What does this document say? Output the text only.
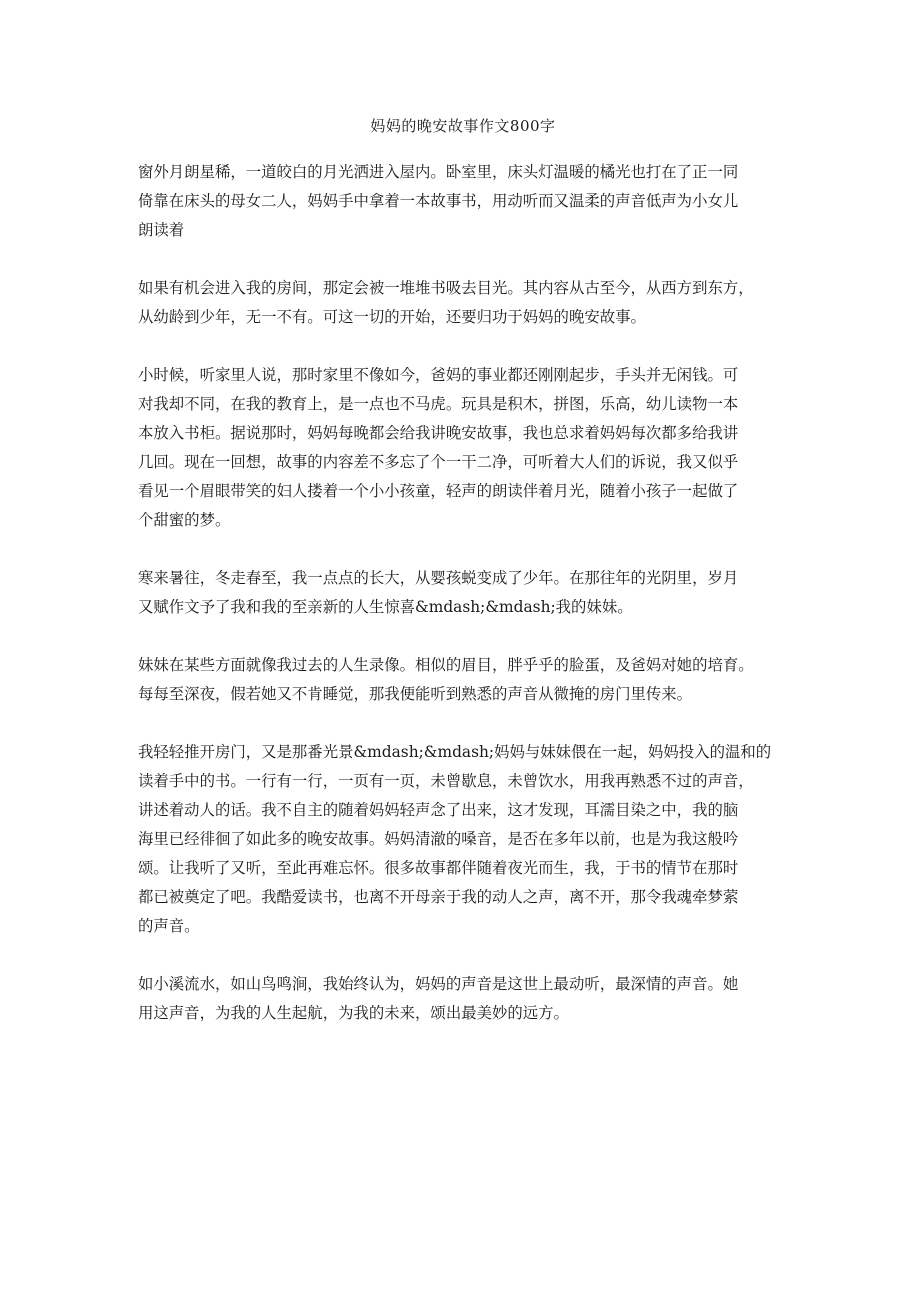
妈妈的晚安故事作文800字
窗外月朗星稀，一道皎白的月光洒进入屋内。卧室里，床头灯温暖的橘光也打在了正一同
倚靠在床头的母女二人，妈妈手中拿着一本故事书，用动听而又温柔的声音低声为小女儿
朗读着
如果有机会进入我的房间，那定会被一堆堆书吸去目光。其内容从古至今，从西方到东方，
从幼龄到少年，无一不有。可这一切的开始，还要归功于妈妈的晚安故事。
小时候，听家里人说，那时家里不像如今，爸妈的事业都还刚刚起步，手头并无闲钱。可
对我却不同，在我的教育上，是一点也不马虎。玩具是积木，拼图，乐高，幼儿读物一本
本放入书柜。据说那时，妈妈每晚都会给我讲晚安故事，我也总求着妈妈每次都多给我讲
几回。现在一回想，故事的内容差不多忘了个一干二净，可听着大人们的诉说，我又似乎
看见一个眉眼带笑的妇人搂着一个小小孩童，轻声的朗读伴着月光，随着小孩子一起做了
个甜蜜的梦。
寒来暑往，冬走春至，我一点点的长大，从婴孩蜕变成了少年。在那往年的光阴里，岁月
又赋作文予了我和我的至亲新的人生惊喜&mdash;&mdash;我的妹妹。
妹妹在某些方面就像我过去的人生录像。相似的眉目，胖乎乎的脸蛋，及爸妈对她的培育。
每每至深夜，假若她又不肯睡觉，那我便能听到熟悉的声音从微掩的房门里传来。
我轻轻推开房门，又是那番光景&mdash;&mdash;妈妈与妹妹偎在一起，妈妈投入的温和的
读着手中的书。一行有一行，一页有一页，未曾歇息，未曾饮水，用我再熟悉不过的声音，
讲述着动人的话。我不自主的随着妈妈轻声念了出来，这才发现，耳濡目染之中，我的脑
海里已经徘徊了如此多的晚安故事。妈妈清澈的嗓音，是否在多年以前，也是为我这般吟
颂。让我听了又听，至此再难忘怀。很多故事都伴随着夜光而生，我，于书的情节在那时
都已被奠定了吧。我酷爱读书，也离不开母亲于我的动人之声，离不开，那令我魂牵梦萦
的声音。
如小溪流水，如山鸟鸣涧，我始终认为，妈妈的声音是这世上最动听，最深情的声音。她
用这声音，为我的人生起航，为我的未来，颂出最美妙的远方。
